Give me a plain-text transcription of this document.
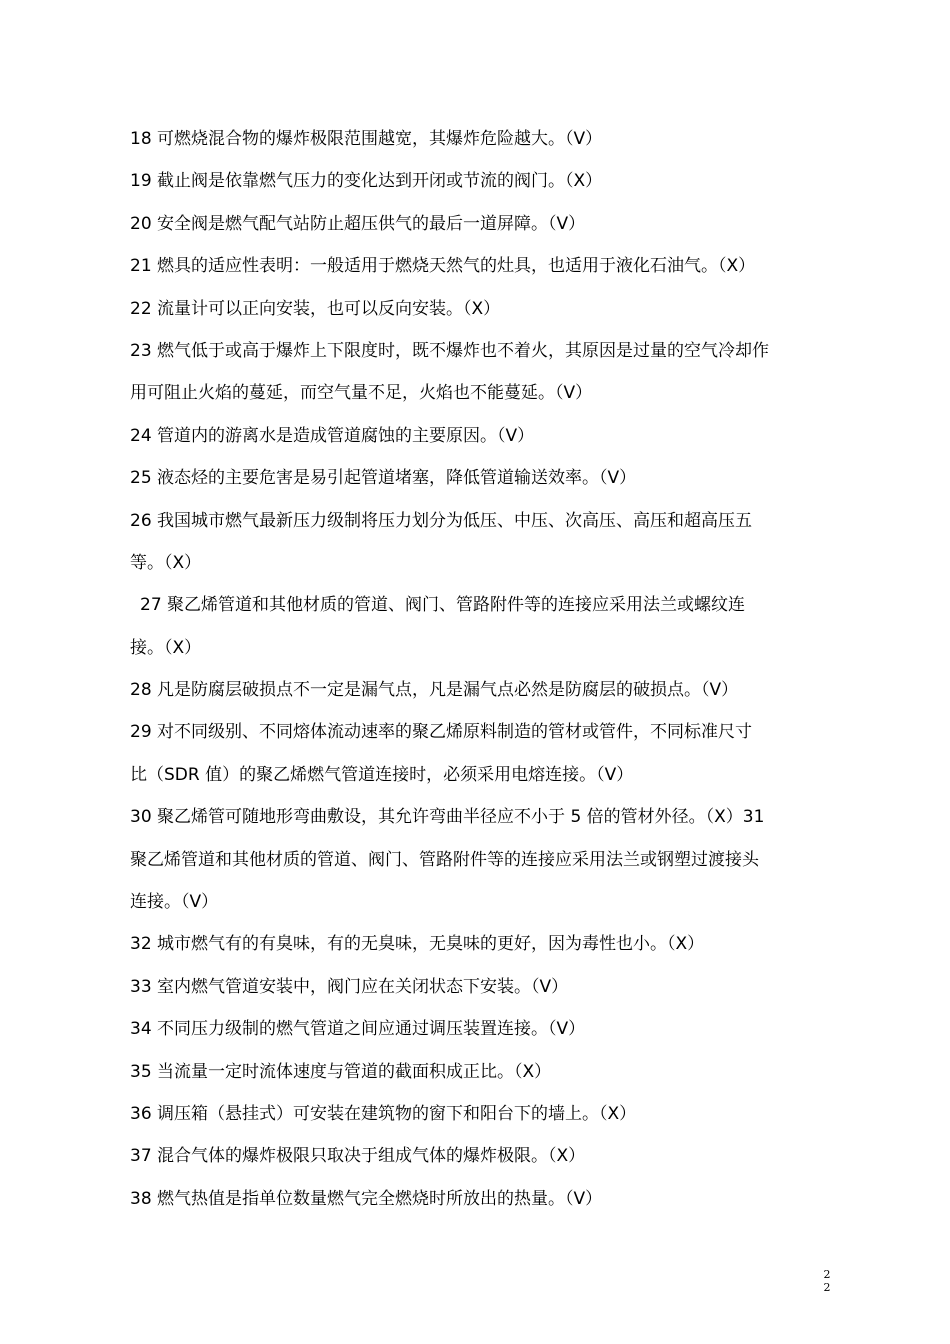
18 可燃烧混合物的爆炸极限范围越宽，其爆炸危险越大。（V）
19 截止阀是依靠燃气压力的变化达到开闭或节流的阀门。（X）
20 安全阀是燃气配气站防止超压供气的最后一道屏障。（V）
21 燃具的适应性表明：一般适用于燃烧天然气的灶具，也适用于液化石油气。（X）
22 流量计可以正向安装，也可以反向安装。（X）
23 燃气低于或高于爆炸上下限度时，既不爆炸也不着火，其原因是过量的空气冷却作
用可阻止火焰的蔓延，而空气量不足，火焰也不能蔓延。（V）
24 管道内的游离水是造成管道腐蚀的主要原因。（V）
25 液态烃的主要危害是易引起管道堵塞，降低管道输送效率。（V）
26 我国城市燃气最新压力级制将压力划分为低压、中压、次高压、高压和超高压五
等。（X）
27 聚乙烯管道和其他材质的管道、阀门、管路附件等的连接应采用法兰或螺纹连
接。（X）
28 凡是防腐层破损点不一定是漏气点，凡是漏气点必然是防腐层的破损点。（V）
29 对不同级别、不同熔体流动速率的聚乙烯原料制造的管材或管件，不同标准尺寸
比（SDR 值）的聚乙烯燃气管道连接时，必须采用电熔连接。（V）
30 聚乙烯管可随地形弯曲敷设，其允许弯曲半径应不小于 5 倍的管材外径。（X）31
聚乙烯管道和其他材质的管道、阀门、管路附件等的连接应采用法兰或钢塑过渡接头
连接。（V）
32 城市燃气有的有臭味，有的无臭味，无臭味的更好，因为毒性也小。（X）
33 室内燃气管道安装中，阀门应在关闭状态下安装。（V）
34 不同压力级制的燃气管道之间应通过调压装置连接。（V）
35 当流量一定时流体速度与管道的截面积成正比。（X）
36 调压箱（悬挂式）可安装在建筑物的窗下和阳台下的墙上。（X）
37 混合气体的爆炸极限只取决于组成气体的爆炸极限。（X）
38 燃气热值是指单位数量燃气完全燃烧时所放出的热量。（V）
2
2
